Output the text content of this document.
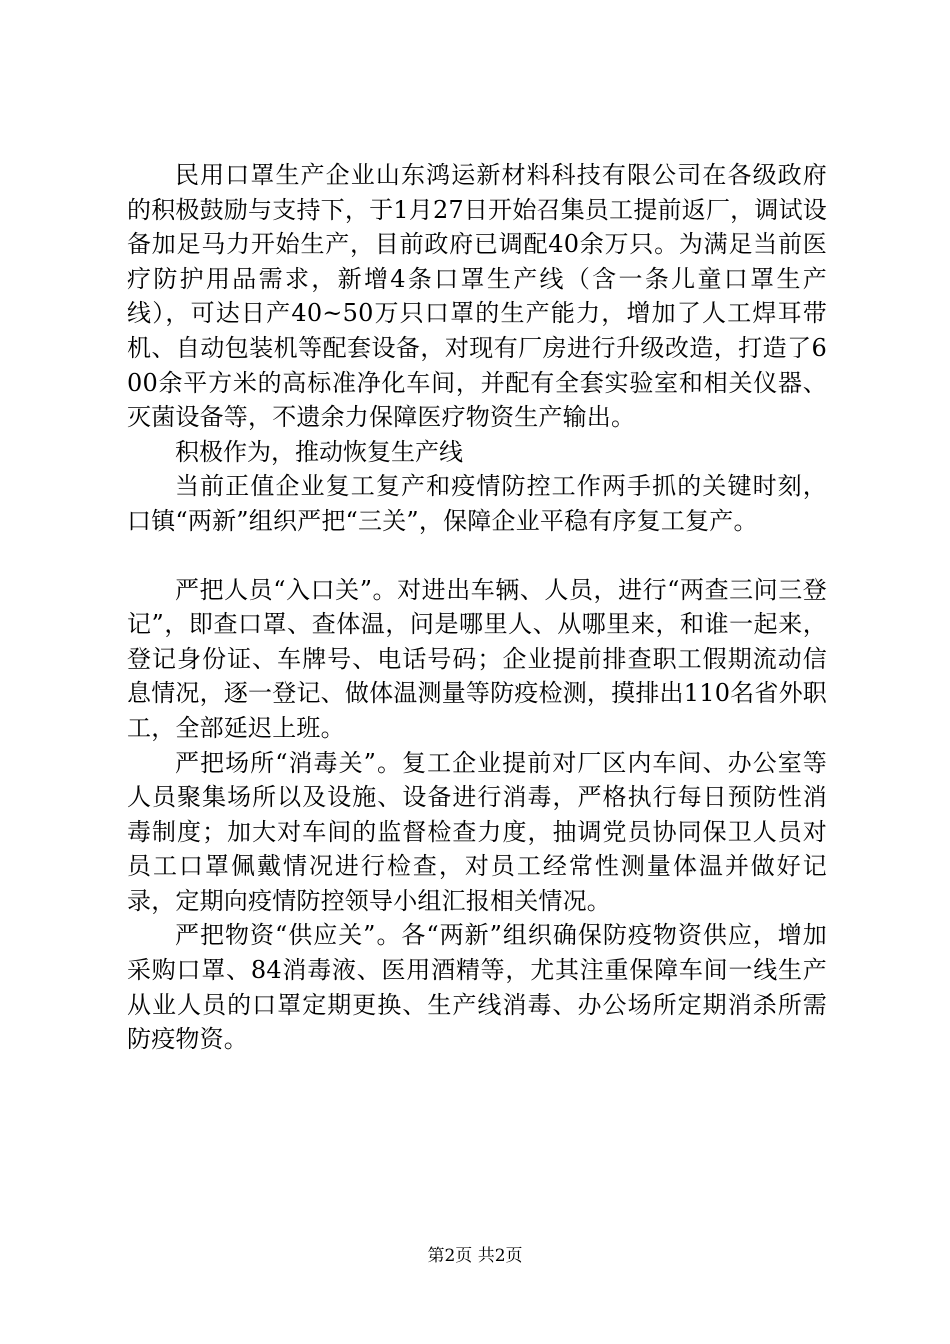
民用口罩生产企业山东鸿运新材料科技有限公司在各级政府的积极鼓励与支持下，于1月27日开始召集员工提前返厂，调试设备加足马力开始生产，目前政府已调配40余万只。为满足当前医疗防护用品需求，新增4条口罩生产线（含一条儿童口罩生产线），可达日产40~50万只口罩的生产能力，增加了人工焊耳带机、自动包装机等配套设备，对现有厂房进行升级改造，打造了600余平方米的高标准净化车间，并配有全套实验室和相关仪器、灭菌设备等，不遗余力保障医疗物资生产输出。

积极作为，推动恢复生产线

当前正值企业复工复产和疫情防控工作两手抓的关键时刻，口镇“两新”组织严把“三关”，保障企业平稳有序复工复产。

严把人员“入口关”。对进出车辆、人员，进行“两查三问三登记”，即查口罩、查体温，问是哪里人、从哪里来，和谁一起来，登记身份证、车牌号、电话号码；企业提前排查职工假期流动信息情况，逐一登记、做体温测量等防疫检测，摸排出110名省外职工，全部延迟上班。

严把场所“消毒关”。复工企业提前对厂区内车间、办公室等人员聚集场所以及设施、设备进行消毒，严格执行每日预防性消毒制度；加大对车间的监督检查力度，抽调党员协同保卫人员对员工口罩佩戴情况进行检查，对员工经常性测量体温并做好记录，定期向疫情防控领导小组汇报相关情况。

严把物资“供应关”。各“两新”组织确保防疫物资供应，增加采购口罩、84消毒液、医用酒精等，尤其注重保障车间一线生产从业人员的口罩定期更换、生产线消毒、办公场所定期消杀所需防疫物资。

第2页 共2页
